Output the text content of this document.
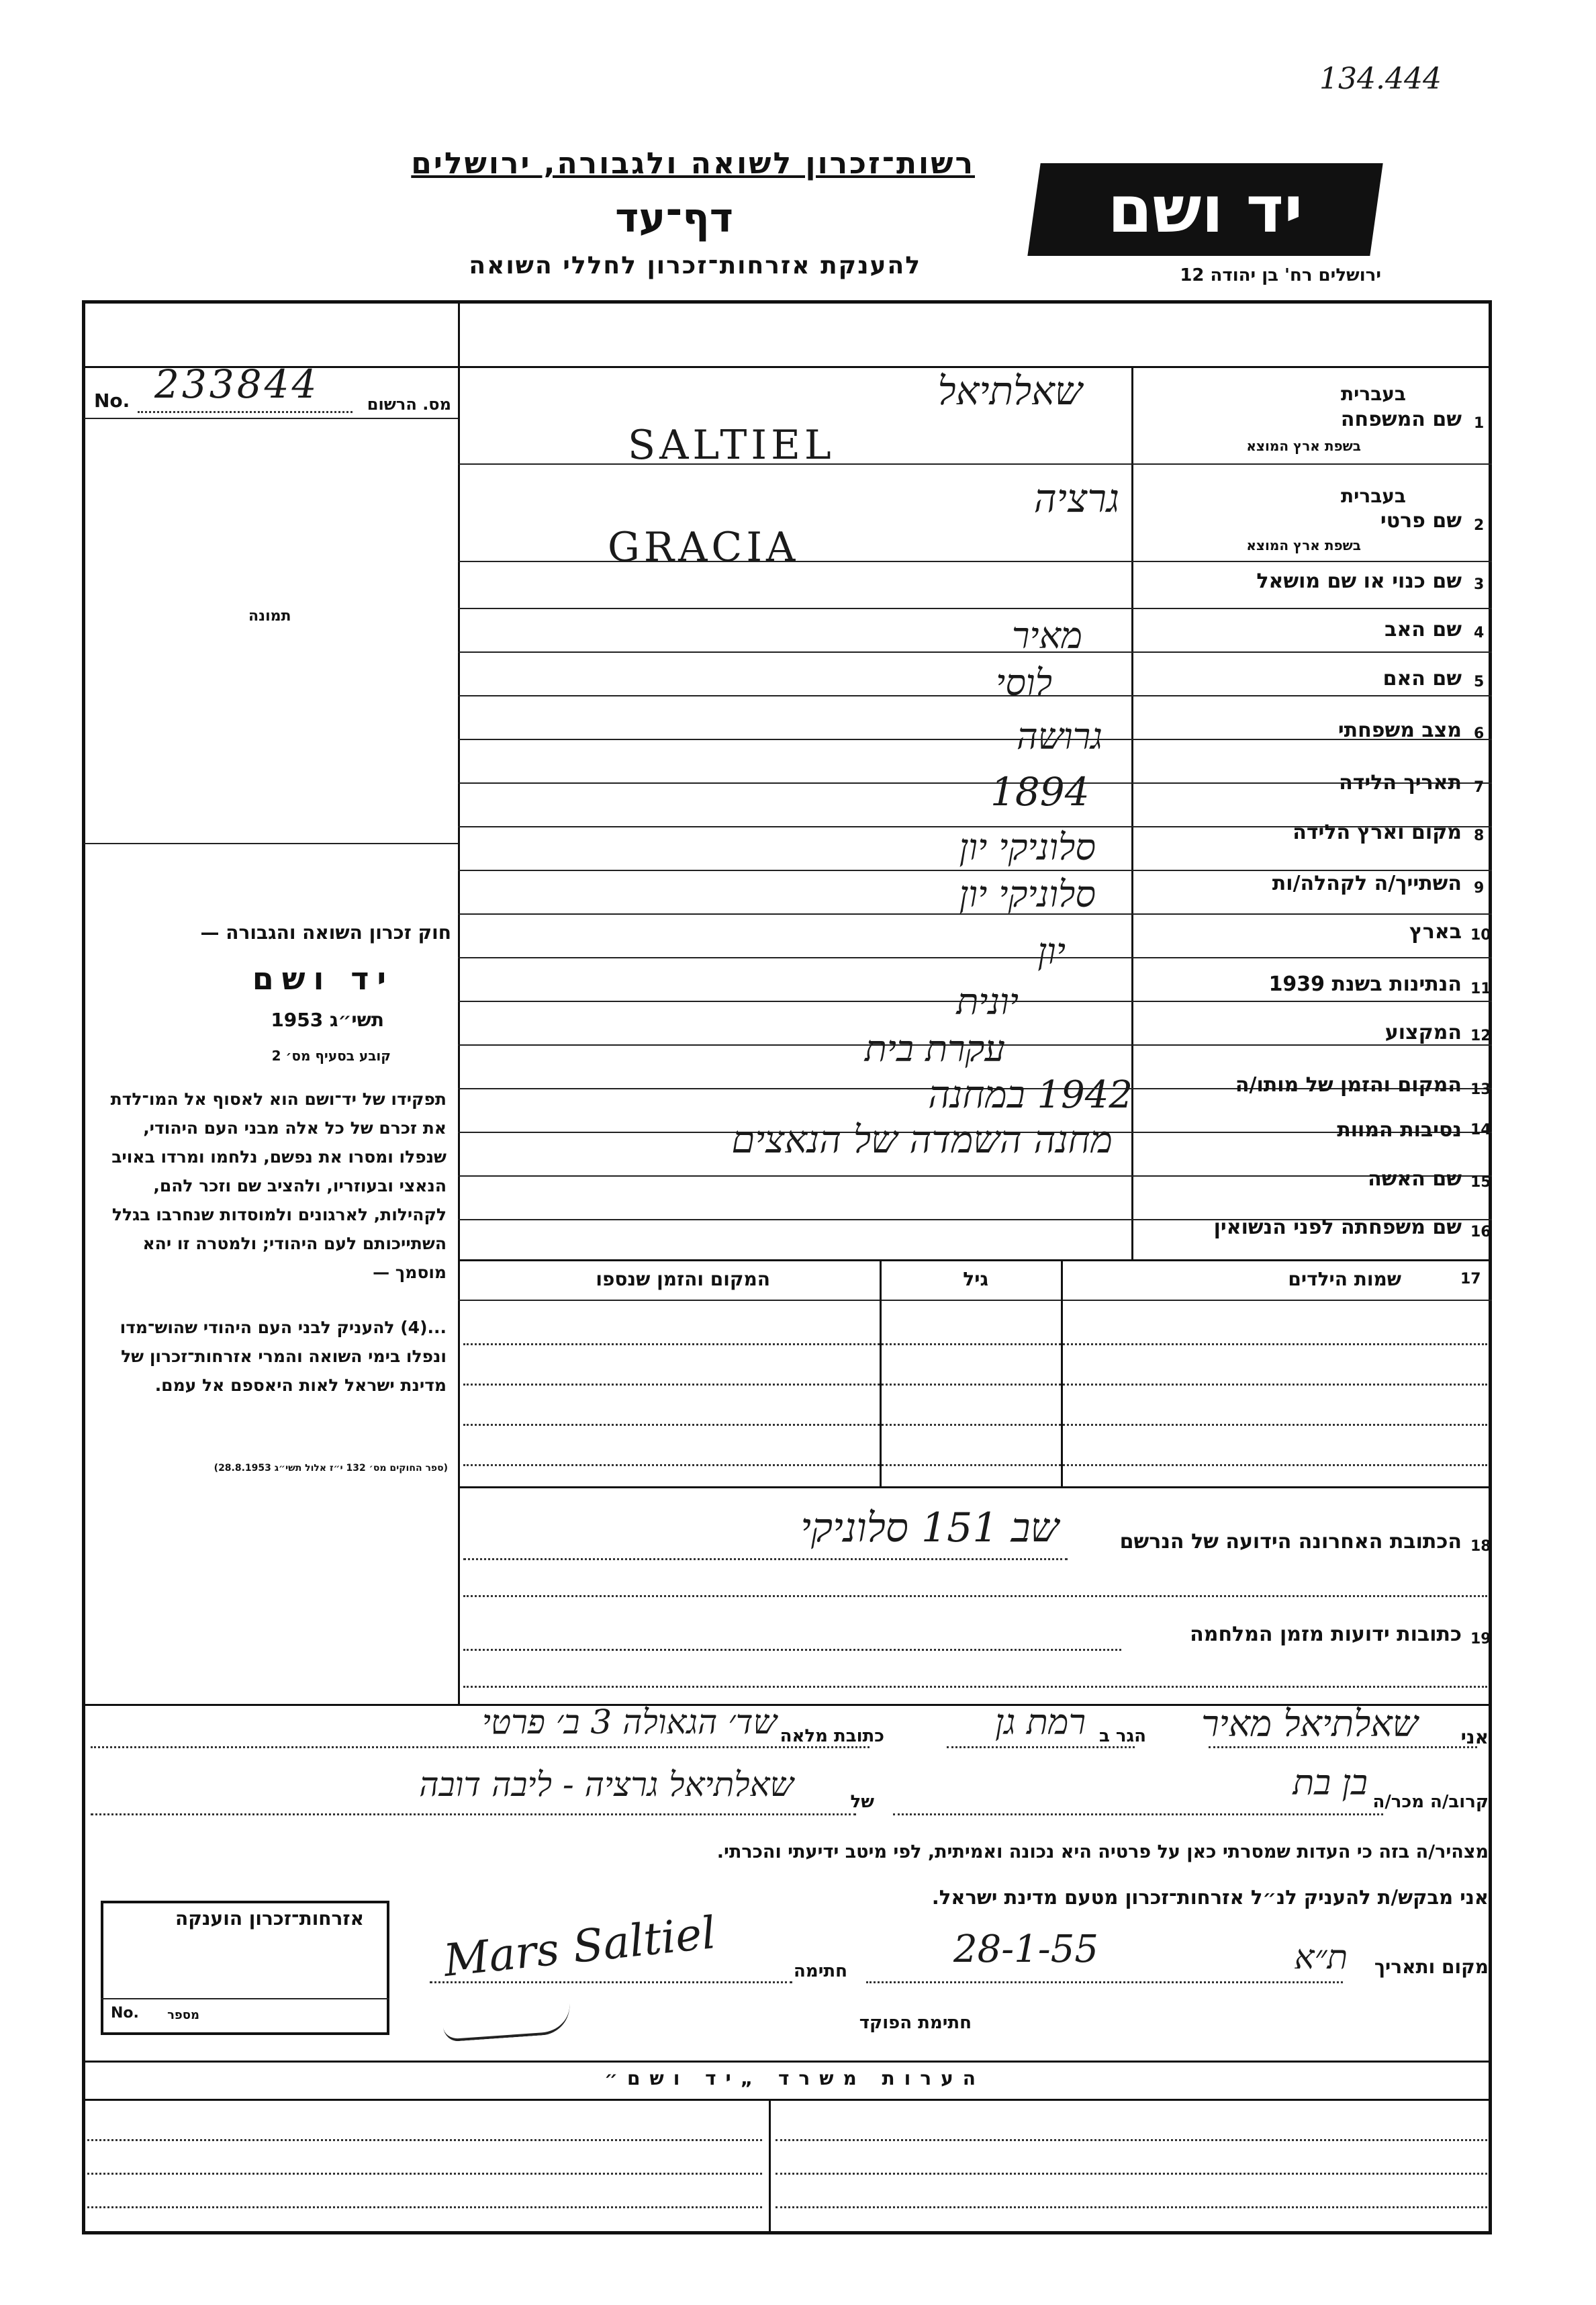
134.444
רשות־זכרון לשואה ולגבורה, ירושלים
דף־עד
להענקת אזרחות־זכרון לחללי השואה
יד ושם
ירושלים רח' בן יהודה 12
No.	מס. הרשום
233844
תמונה
בעברית
בשפת ארץ המוצא
בעברית
בשפת ארץ המוצא
1
שם המשפחה
2
שם פרטי
3
שם כנוי או שם מושאל
4
שם האב
5
שם האם
6
מצב משפחתי
7
תאריך הלידה
8
מקום וארץ הלידה
9
השתייך/ה לקהלה/ות
10
בארץ
11
הנתינות בשנת 1939
12
המקצוע
13
המקום והזמן של מותו/ה
14
נסיבות המוות
15
שם האשה
16
שם משפחתה לפני הנשואין
שאלתיאל
SALTIEL
גרציה
GRACIA
מאיר
לוסי
גרושה
1894
סלוניקי יון
סלוניקי יון
יון
יונית
עקרת בית
1942 במחנה
מחנה השמדה של הנאצים
17
שמות הילדים
גיל
המקום והזמן שנספו
18
הכתובת האחרונה הידועה של הנרשם
שב 151 סלוניקי
19
כתובות ידועות מזמן המלחמה
חוק זכרון השואה והגבורה —
יד ושם
תשי״ג 1953
קובע בסעיף מס׳ 2
תפקידו של יד־ושם הוא לאסוף אל המו־לדת את זכרם של כל אלה מבני העם היהודי, שנפלו ומסרו את נפשם, נלחמו ומרדו באויב הנאצי ובעוזריו, ולהציב שם וזכר להם, לקהילות, לארגונים ולמוסדות שנחרבו בגלל השתייכותם לעם היהודי; ולמטרה זו יהא מוסמך —
...(4) להעניק לבני העם היהודי שהוש־מדו ונפלו בימי השואה והמרי אזרחות־זכרון של מדינת ישראל לאות היאספם אל עמם.
(ספר החוקים מס׳ 132 י״ז אלול תשי״ג 28.8.1953)
אני
שאלתיאל מאיר
הגר ב
רמת גן
כתובת מלאה
שד׳ הגאולה 3 ב׳ פרטי
קרוב/ה מכר/ה
בן בת
של
שאלתיאל גרציה - ליבה דובה
מצהיר/ה בזה כי העדות שמסרתי כאן על פרטיה היא נכונה ואמיתית, לפי מיטב ידיעתי והכרתי.
אני מבקש/ת להעניק לנ״ל אזרחות־זכרון מטעם מדינת ישראל.
מקום ותאריך
ת״א
28-1-55
חתימה
Mars Saltiel
חתימת הפוקד
אזרחות־זכרון הוענקה
No. מספר
הערות משרד „יד ושם״
